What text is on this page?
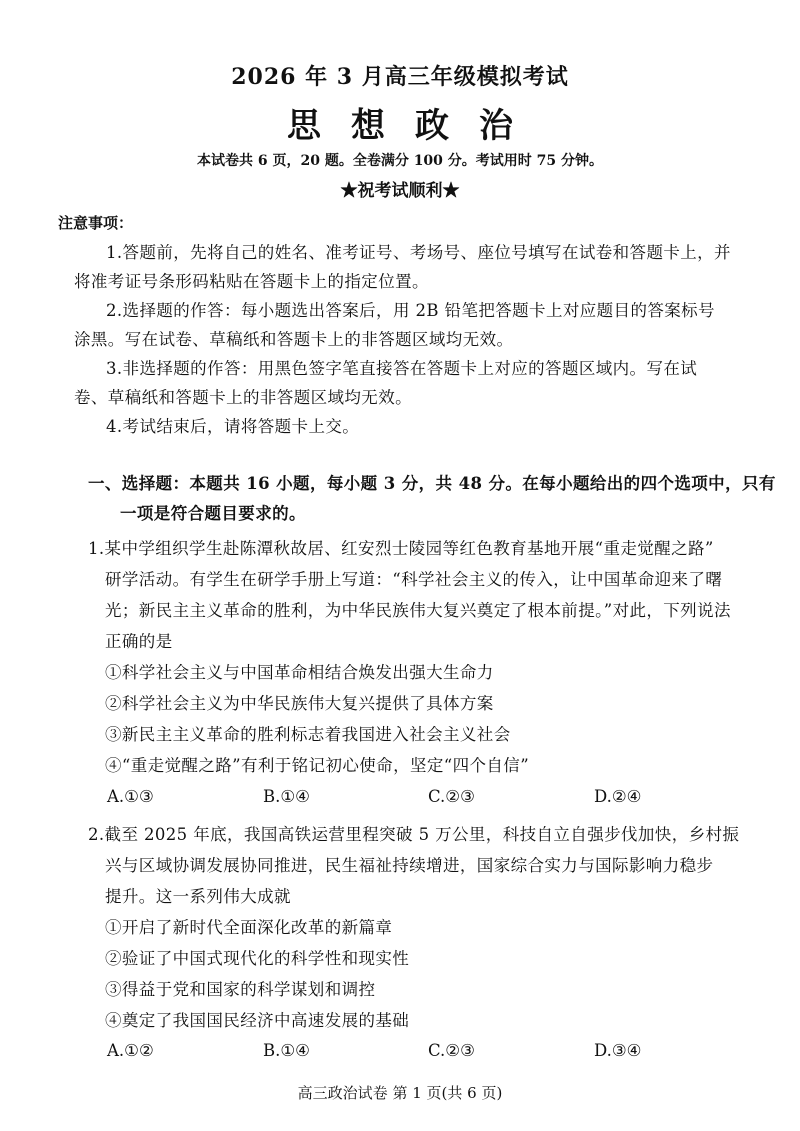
2026 年 3 月高三年级模拟考试
思想政治
本试卷共 6 页，20 题。全卷满分 100 分。考试用时 75 分钟。
★祝考试顺利★
注意事项：
1.答题前，先将自己的姓名、准考证号、考场号、座位号填写在试卷和答题卡上，并
将准考证号条形码粘贴在答题卡上的指定位置。
2.选择题的作答：每小题选出答案后，用 2B 铅笔把答题卡上对应题目的答案标号
涂黑。写在试卷、草稿纸和答题卡上的非答题区域均无效。
3.非选择题的作答：用黑色签字笔直接答在答题卡上对应的答题区域内。写在试
卷、草稿纸和答题卡上的非答题区域均无效。
4.考试结束后，请将答题卡上交。
一、选择题：本题共 16 小题，每小题 3 分，共 48 分。在每小题给出的四个选项中，只有
一项是符合题目要求的。
1.某中学组织学生赴陈潭秋故居、红安烈士陵园等红色教育基地开展“重走觉醒之路”
研学活动。有学生在研学手册上写道：“科学社会主义的传入，让中国革命迎来了曙
光；新民主主义革命的胜利，为中华民族伟大复兴奠定了根本前提。”对此，下列说法
正确的是
①科学社会主义与中国革命相结合焕发出强大生命力
②科学社会主义为中华民族伟大复兴提供了具体方案
③新民主主义革命的胜利标志着我国进入社会主义社会
④“重走觉醒之路”有利于铭记初心使命，坚定“四个自信”
A.①③	B.①④	C.②③	D.②④
2.截至 2025 年底，我国高铁运营里程突破 5 万公里，科技自立自强步伐加快，乡村振
兴与区域协调发展协同推进，民生福祉持续增进，国家综合实力与国际影响力稳步
提升。这一系列伟大成就
①开启了新时代全面深化改革的新篇章
②验证了中国式现代化的科学性和现实性
③得益于党和国家的科学谋划和调控
④奠定了我国国民经济中高速发展的基础
A.①②	B.①④	C.②③	D.③④
高三政治试卷 第 1 页(共 6 页)
